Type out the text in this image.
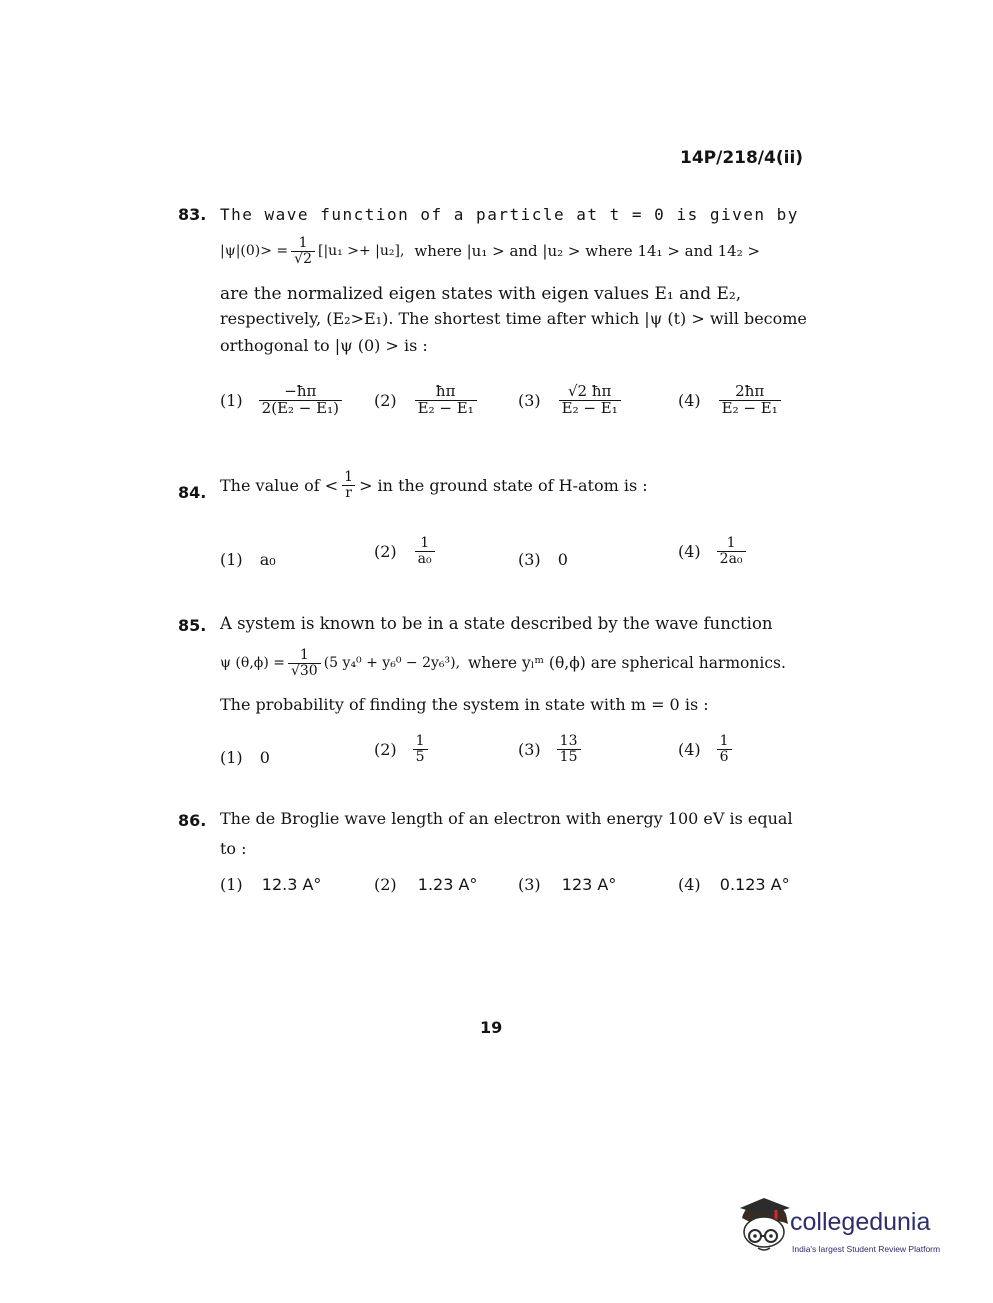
14P/218/4(ii)
83. The wave function of a particle at t = 0 is given by
$|\psi|(0)> = \frac{1}{√2} [|u_1 >+ |u_2]$, where |u₁ > and |u₂ > where 14₁ > and 14₂ >
are the normalized eigen states with eigen values E₁ and E₂,
respectively, (E₂>E₁). The shortest time after which |ψ (t) > will become
orthogonal to |ψ (0) > is :
$(1) \frac{-ħ\pi}{\text{2(E₂ − E₁)}} (2) \frac{ħ\pi}{\text{E₂ − E₁}}$	$(3) \frac{√2 ħ\pi}{\text{E₂ − E₁}}$	$(4) \frac{2ħ\pi}{\text{E₂ − E₁}}$
84. The value of < $\frac{1}{r}$ > in the ground state of H-atom is :
(1) a₀	$(2) \frac{1}{\text{a₀}}$	(3) 0	$(4) \frac{1}{\text{2a₀}}$
85. A system is known to be in a state described by the wave function
ψ $(\theta,\phi) = \frac{1}{√30} (5$ y₄⁰ + y₆⁰ − 2y₆³), where yₗᵐ (θ,ϕ) are spherical harmonics.
The probability of finding the system in state with m = 0 is :
(1) 0	$(2) \frac{1}{5}$	$(3) \frac{13}{15}$	$(4) \frac{1}{6}$
86. The de Broglie wave length of an electron with energy 100 eV is equal
to :
(1) 12.3 A°	(2) 1.23 A°	(3) 123 A°	(4) 0.123 A°
19
collegedunia
India's largest Student Review Platform
